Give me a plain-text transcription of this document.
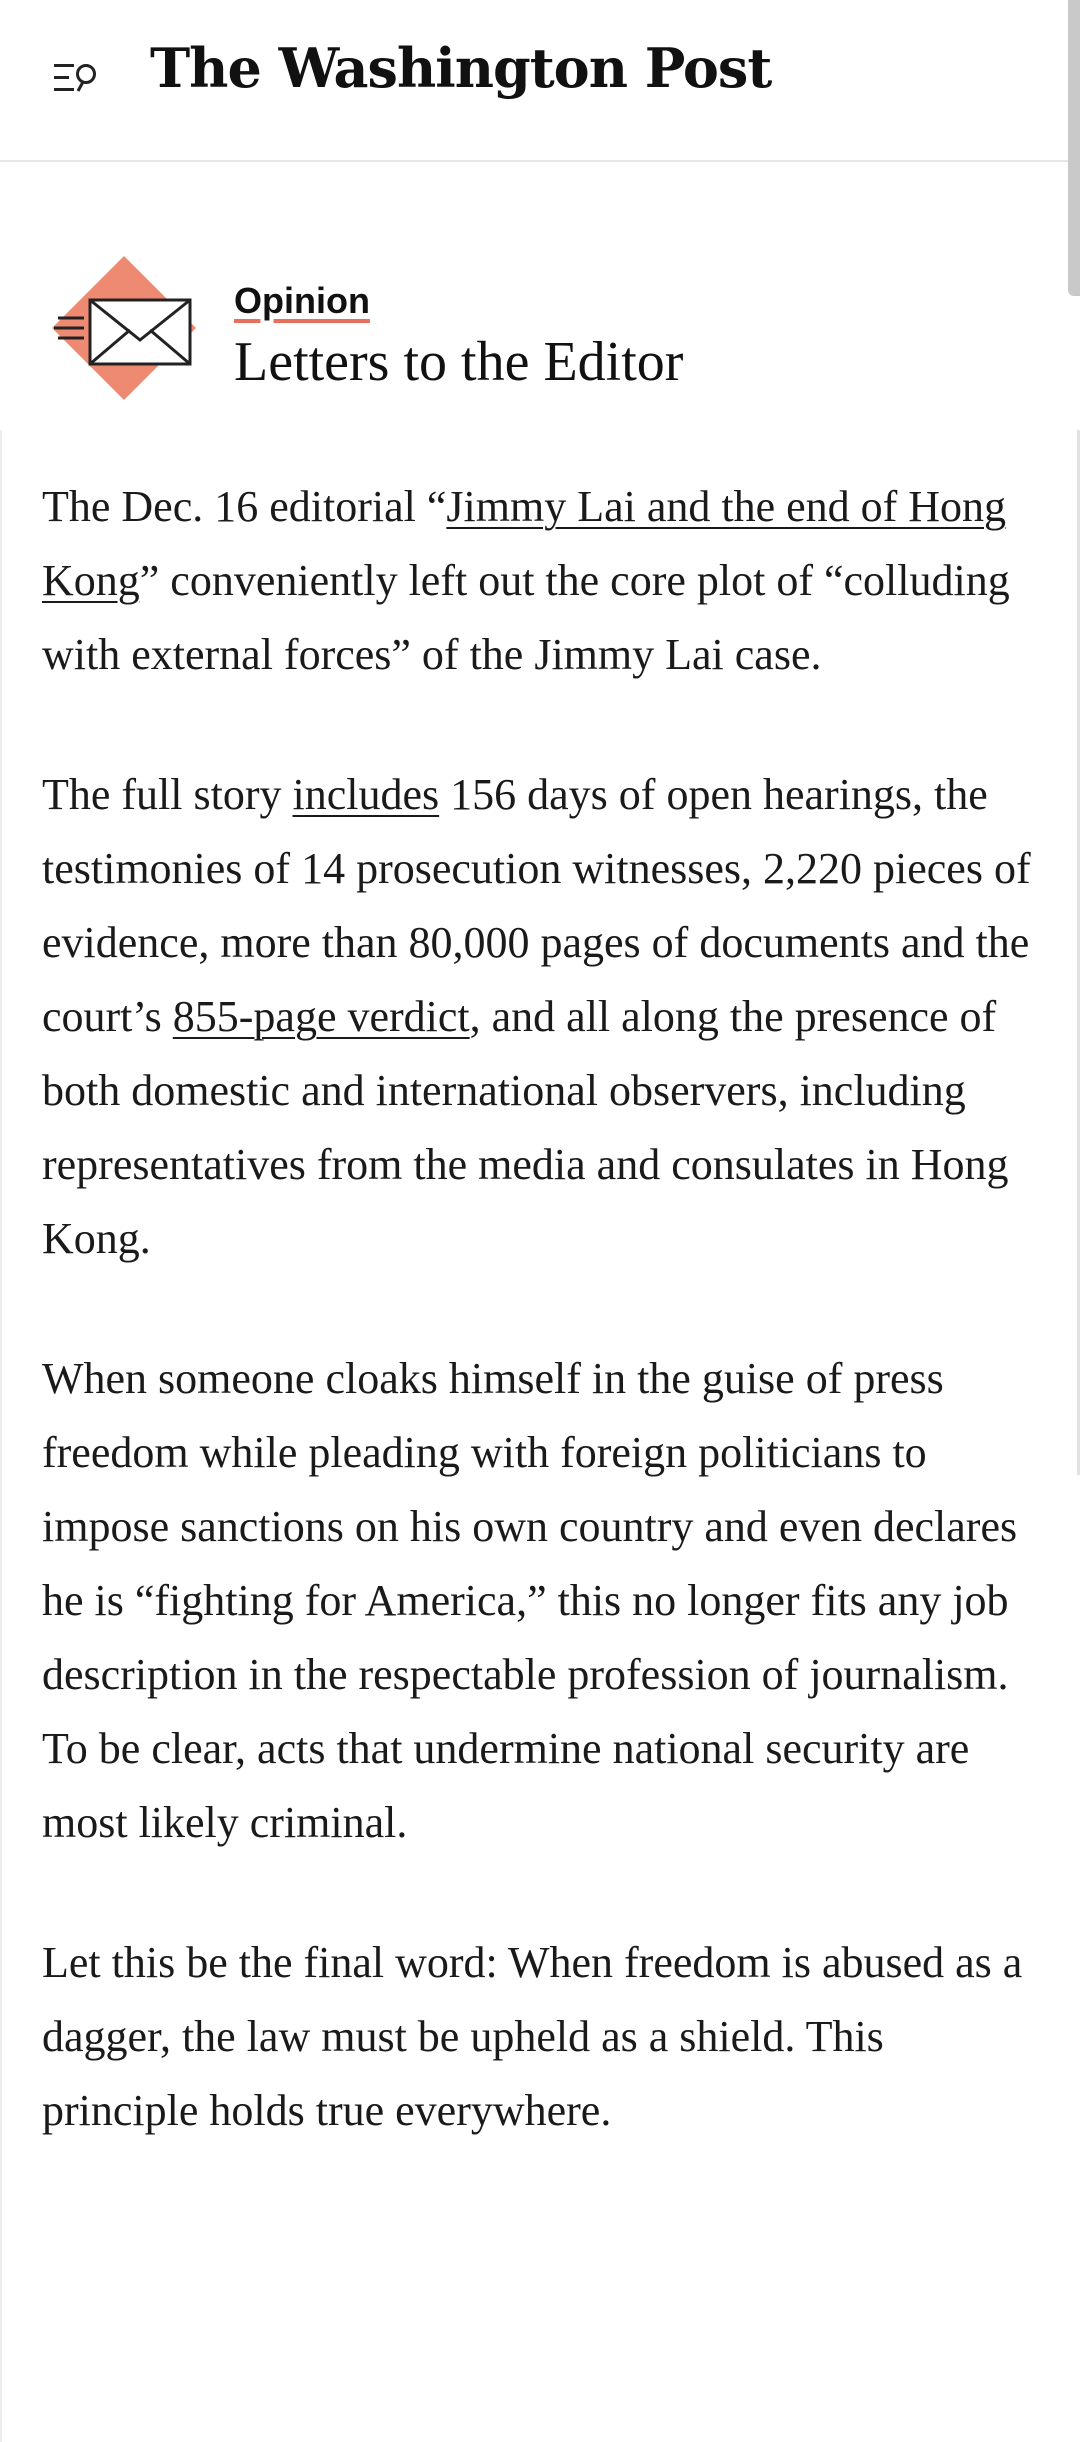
The Washington Post
Opinion
Letters to the Editor

The Dec. 16 editorial “Jimmy Lai and the end of Hong Kong” conveniently left out the core plot of “colluding with external forces” of the Jimmy Lai case.

The full story includes 156 days of open hearings, the testimonies of 14 prosecution witnesses, 2,220 pieces of evidence, more than 80,000 pages of documents and the court’s 855-page verdict, and all along the presence of both domestic and international observers, including representatives from the media and consulates in Hong Kong.

When someone cloaks himself in the guise of press freedom while pleading with foreign politicians to impose sanctions on his own country and even declares he is “fighting for America,” this no longer fits any job description in the respectable profession of journalism. To be clear, acts that undermine national security are most likely criminal.

Let this be the final word: When freedom is abused as a dagger, the law must be upheld as a shield. This principle holds true everywhere.
